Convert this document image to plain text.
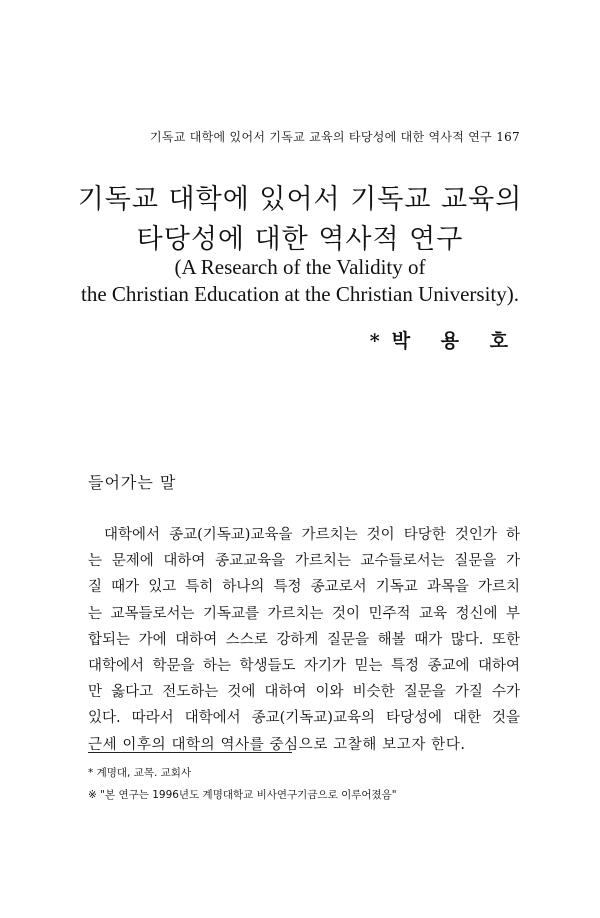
기독교 대학에 있어서 기독교 교육의 타당성에 대한 역사적 연구 167
기독교 대학에 있어서 기독교 교육의
타당성에 대한 역사적 연구
(A Research of the Validity of
the Christian Education at the Christian University).
*박 용 호
들어가는 말
대학에서 종교(기독교)교육을 가르치는 것이 타당한 것인가 하
는 문제에 대하여 종교교육을 가르치는 교수들로서는 질문을 가
질 때가 있고 특히 하나의 특정 종교로서 기독교 과목을 가르치
는 교목들로서는 기독교를 가르치는 것이 민주적 교육 정신에 부
합되는 가에 대하여 스스로 강하게 질문을 해볼 때가 많다. 또한
대학에서 학문을 하는 학생들도 자기가 믿는 특정 종교에 대하여
만 옳다고 전도하는 것에 대하여 이와 비슷한 질문을 가질 수가
있다. 따라서 대학에서 종교(기독교)교육의 타당성에 대한 것을
근세 이후의 대학의 역사를 중심으로 고찰해 보고자 한다.
* 계명대, 교목. 교회사
※ "본 연구는 1996년도 계명대학교 비사연구기금으로 이루어졌음"
